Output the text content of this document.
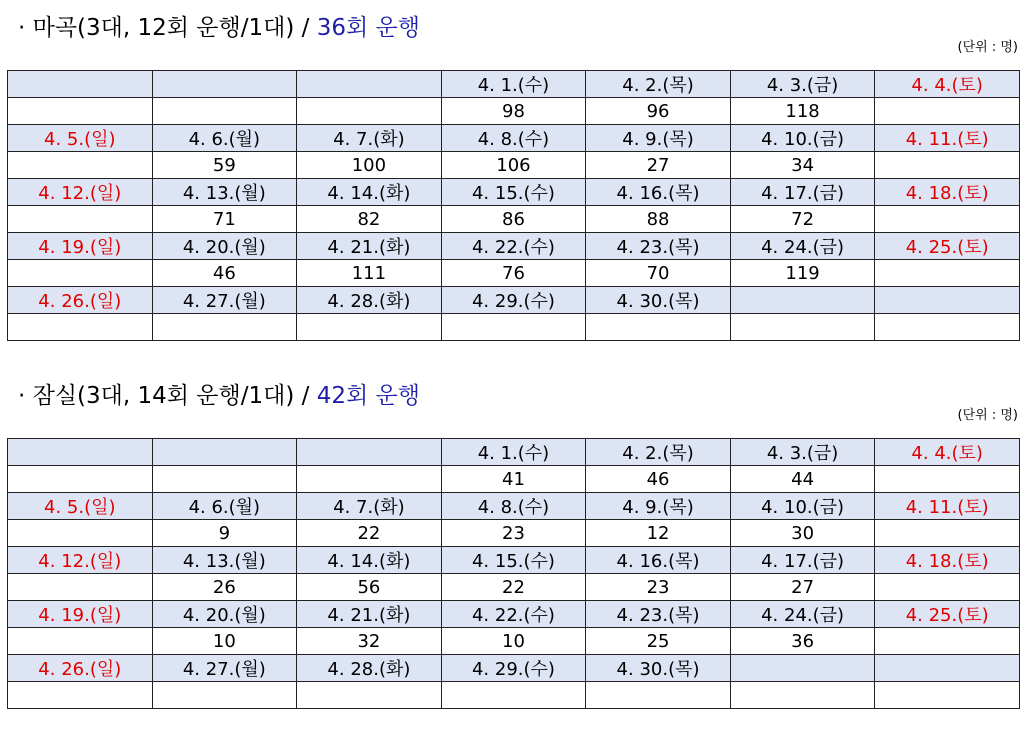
· 마곡(3대, 12회 운행/1대) / 36회 운행
(단위 : 명)
			4. 1.(수)	4. 2.(목)	4. 3.(금)	4. 4.(토)
			98	96	118	
4. 5.(일)	4. 6.(월)	4. 7.(화)	4. 8.(수)	4. 9.(목)	4. 10.(금)	4. 11.(토)
	59	100	106	27	34	
4. 12.(일)	4. 13.(월)	4. 14.(화)	4. 15.(수)	4. 16.(목)	4. 17.(금)	4. 18.(토)
	71	82	86	88	72	
4. 19.(일)	4. 20.(월)	4. 21.(화)	4. 22.(수)	4. 23.(목)	4. 24.(금)	4. 25.(토)
	46	111	76	70	119	
4. 26.(일)	4. 27.(월)	4. 28.(화)	4. 29.(수)	4. 30.(목)		

· 잠실(3대, 14회 운행/1대) / 42회 운행
(단위 : 명)
			4. 1.(수)	4. 2.(목)	4. 3.(금)	4. 4.(토)
			41	46	44	
4. 5.(일)	4. 6.(월)	4. 7.(화)	4. 8.(수)	4. 9.(목)	4. 10.(금)	4. 11.(토)
	9	22	23	12	30	
4. 12.(일)	4. 13.(월)	4. 14.(화)	4. 15.(수)	4. 16.(목)	4. 17.(금)	4. 18.(토)
	26	56	22	23	27	
4. 19.(일)	4. 20.(월)	4. 21.(화)	4. 22.(수)	4. 23.(목)	4. 24.(금)	4. 25.(토)
	10	32	10	25	36	
4. 26.(일)	4. 27.(월)	4. 28.(화)	4. 29.(수)	4. 30.(목)		
